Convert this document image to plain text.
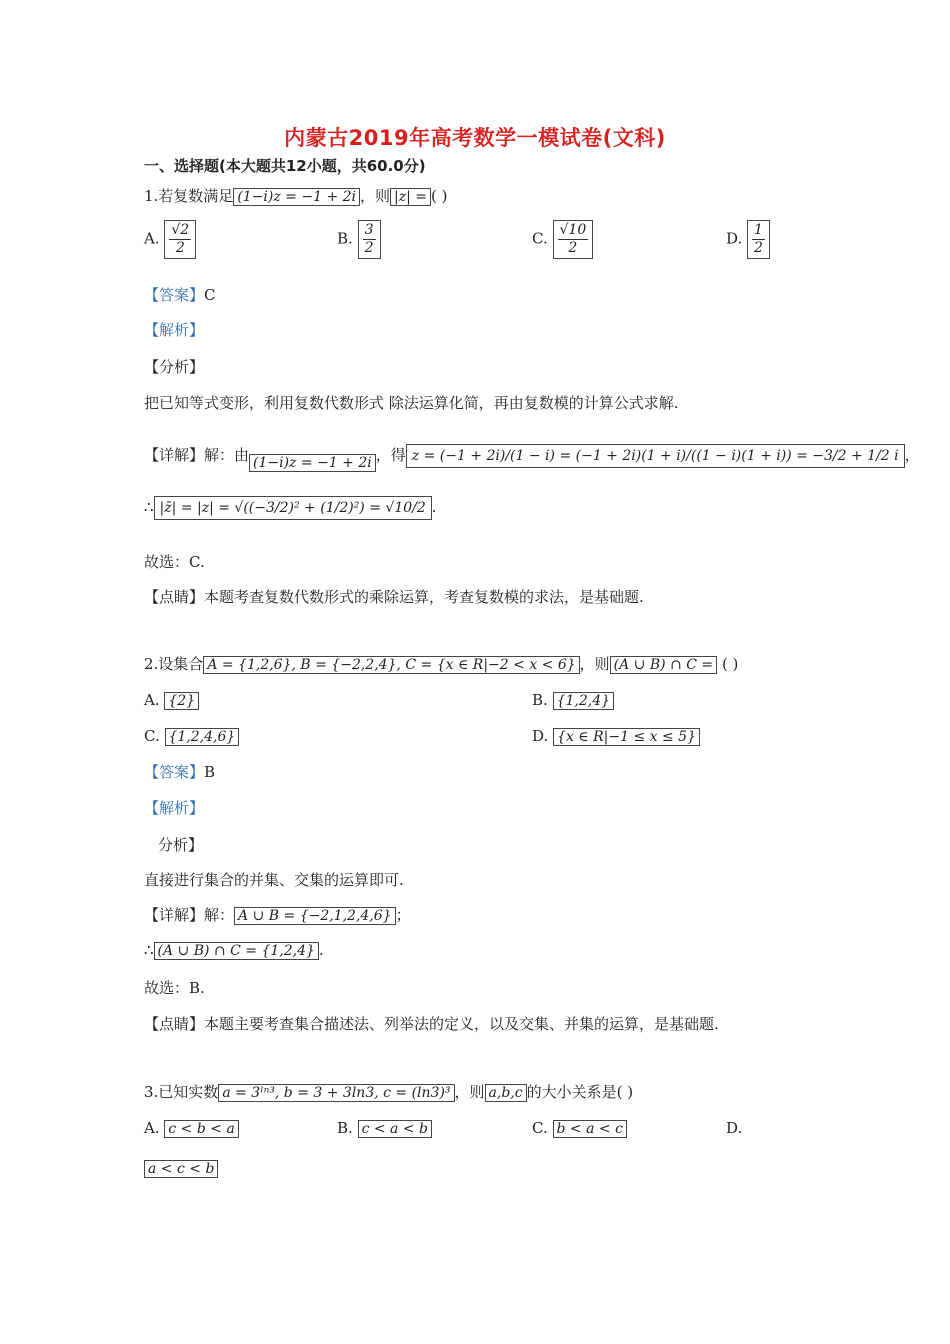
内蒙古2019年高考数学一模试卷(文科)
一、选择题(本大题共12小题，共60.0分)
1.若复数满足 (1−i)z = −1 + 2i ，则 |z| = ( )
A. $\frac{√2}{2}$	B. $\frac{3}{2}$	C. $\frac{√10}{2}$	D. $\frac{1}{2}$
【答案】C
【解析】
【分析】
把已知等式变形，利用复数代数形式 除法运算化简，再由复数模的计算公式求解.
【详解】解：由 (1−i)z = −1 + 2i ，得 z = (−1 + 2i)/(1 − i) = (−1 + 2i)(1 + i)/((1 − i)(1 + i)) = −3/2 + 1/2 i ，
∴ |z̄| = |z| = √((−3/2)² + (1/2)²) = √10/2 .
故选：C.
【点睛】本题考查复数代数形式的乘除运算，考查复数模的求法，是基础题.
2.设集合 A = {1,2,6}, B = {−2,2,4}, C = {x ∈ R|−2 < x < 6} ，则 (A ∪ B) ∩ C = ( )
A. {2}	B. {1,2,4}
C. {1,2,4,6}	D. {x ∈ R|−1 ≤ x ≤ 5}
【答案】B
【解析】
分析】
直接进行集合的并集、交集的运算即可.
【详解】解： A ∪ B = {−2,1,2,4,6} ；
∴ (A ∪ B) ∩ C = {1,2,4} .
故选：B.
【点睛】本题主要考查集合描述法、列举法的定义，以及交集、并集的运算，是基础题.
3.已知实数 a = 3ˡⁿ³, b = 3 + 3ln3, c = (ln3)³ ，则 a,b,c 的大小关系是( )
A. c < b < a	B. c < a < b	C. b < a < c	D.
a < c < b
